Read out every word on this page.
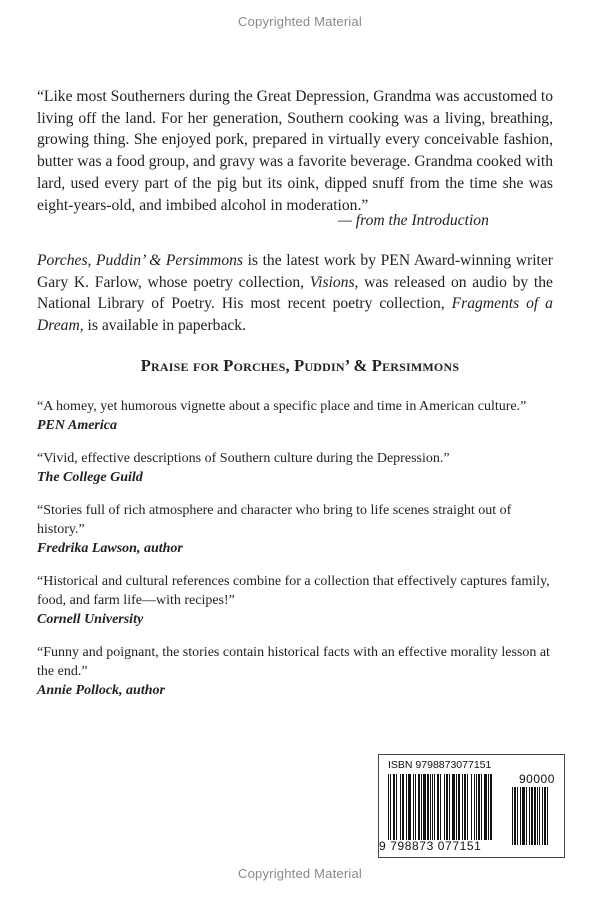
Copyrighted Material
“Like most Southerners during the Great Depression, Grandma was accustomed to living off the land. For her generation, Southern cooking was a living, breathing, growing thing. She enjoyed pork, prepared in virtually every conceivable fashion, butter was a food group, and gravy was a favorite beverage. Grandma cooked with lard, used every part of the pig but its oink, dipped snuff from the time she was eight-years-old, and imbibed alcohol in moderation.”
— from the Introduction
Porches, Puddin’ & Persimmons is the latest work by PEN Award-winning writer Gary K. Farlow, whose poetry collection, Visions, was released on audio by the National Library of Poetry. His most recent poetry collection, Fragments of a Dream, is available in paperback.
Praise for Porches, Puddin’ & Persimmons
“A homey, yet humorous vignette about a specific place and time in American culture.”
PEN America
“Vivid, effective descriptions of Southern culture during the Depression.”
The College Guild
“Stories full of rich atmosphere and character who bring to life scenes straight out of history.”
Fredrika Lawson, author
“Historical and cultural references combine for a collection that effectively captures family, food, and farm life—with recipes!”
Cornell University
“Funny and poignant, the stories contain historical facts with an effective morality lesson at the end.”
Annie Pollock, author
ISBN 9798873077151
90000
9 798873 077151
Copyrighted Material
